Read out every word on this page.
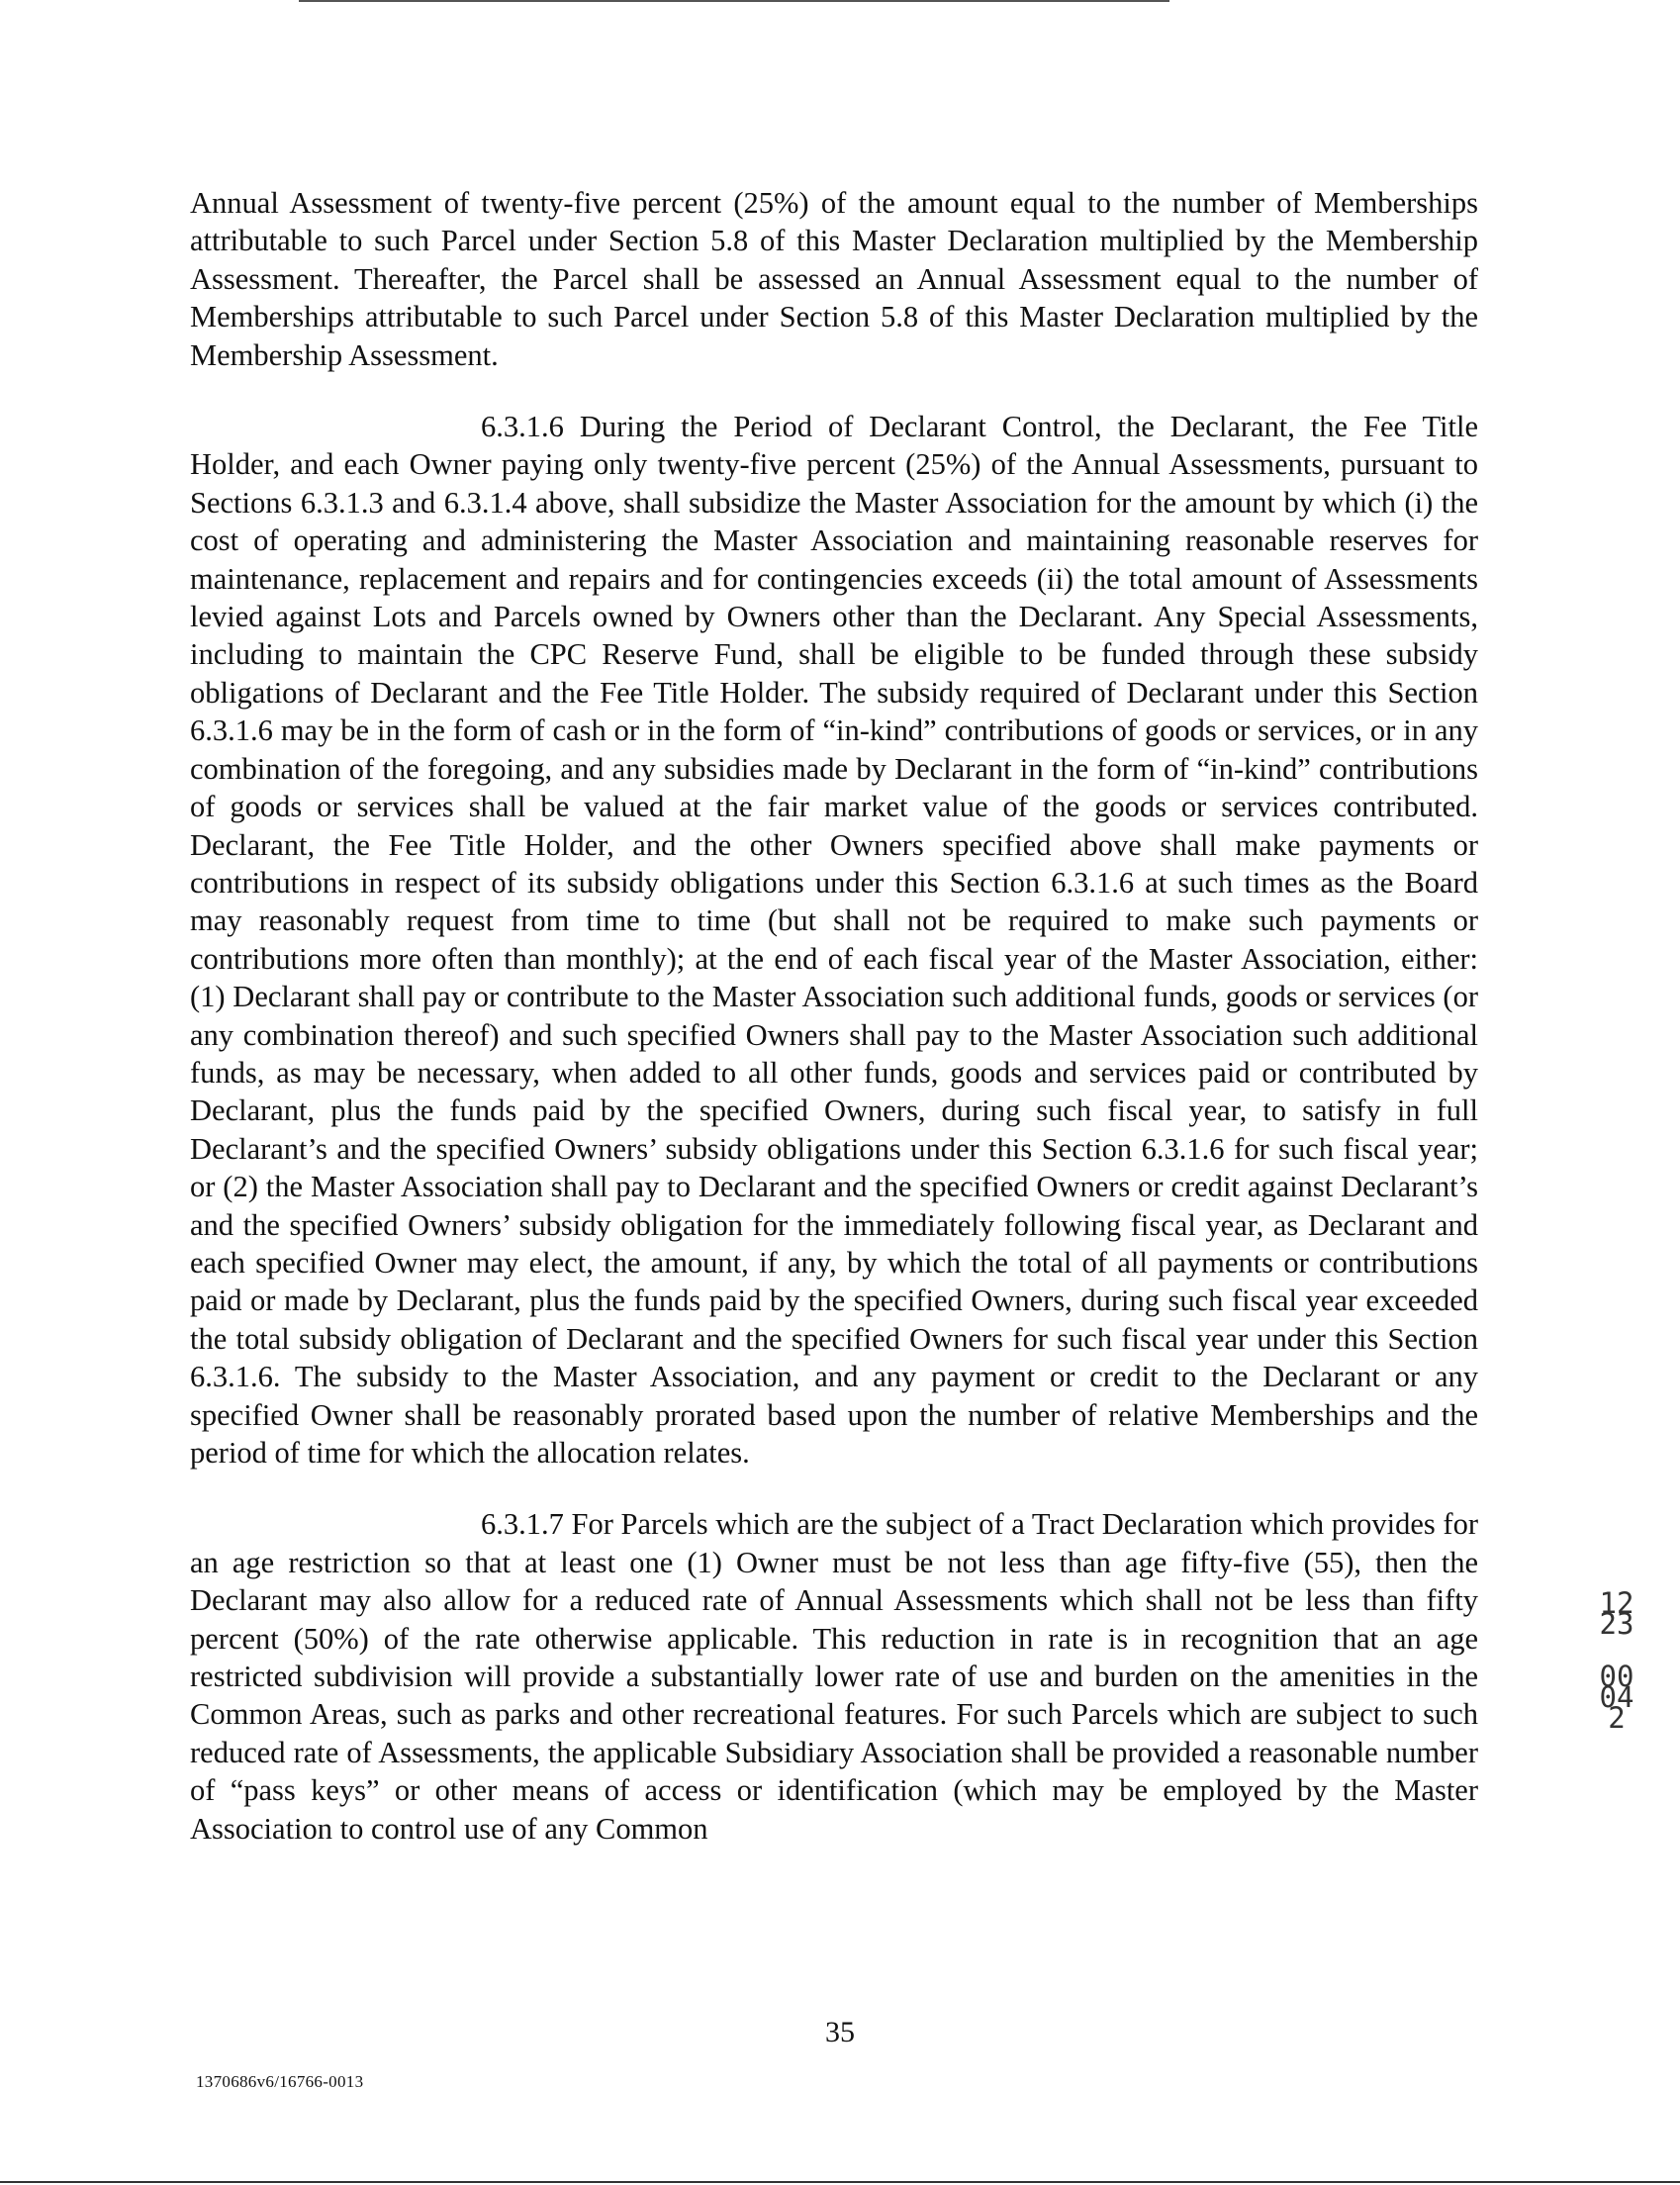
Annual Assessment of twenty-five percent (25%) of the amount equal to the number of Memberships attributable to such Parcel under Section 5.8 of this Master Declaration multiplied by the Membership Assessment. Thereafter, the Parcel shall be assessed an Annual Assessment equal to the number of Memberships attributable to such Parcel under Section 5.8 of this Master Declaration multiplied by the Membership Assessment.

6.3.1.6 During the Period of Declarant Control, the Declarant, the Fee Title Holder, and each Owner paying only twenty-five percent (25%) of the Annual Assessments, pursuant to Sections 6.3.1.3 and 6.3.1.4 above, shall subsidize the Master Association for the amount by which (i) the cost of operating and administering the Master Association and maintaining reasonable reserves for maintenance, replacement and repairs and for contingencies exceeds (ii) the total amount of Assessments levied against Lots and Parcels owned by Owners other than the Declarant. Any Special Assessments, including to maintain the CPC Reserve Fund, shall be eligible to be funded through these subsidy obligations of Declarant and the Fee Title Holder. The subsidy required of Declarant under this Section 6.3.1.6 may be in the form of cash or in the form of “in-kind” contributions of goods or services, or in any combination of the foregoing, and any subsidies made by Declarant in the form of “in-kind” contributions of goods or services shall be valued at the fair market value of the goods or services contributed. Declarant, the Fee Title Holder, and the other Owners specified above shall make payments or contributions in respect of its subsidy obligations under this Section 6.3.1.6 at such times as the Board may reasonably request from time to time (but shall not be required to make such payments or contributions more often than monthly); at the end of each fiscal year of the Master Association, either: (1) Declarant shall pay or contribute to the Master Association such additional funds, goods or services (or any combination thereof) and such specified Owners shall pay to the Master Association such additional funds, as may be necessary, when added to all other funds, goods and services paid or contributed by Declarant, plus the funds paid by the specified Owners, during such fiscal year, to satisfy in full Declarant’s and the specified Owners’ subsidy obligations under this Section 6.3.1.6 for such fiscal year; or (2) the Master Association shall pay to Declarant and the specified Owners or credit against Declarant’s and the specified Owners’ subsidy obligation for the immediately following fiscal year, as Declarant and each specified Owner may elect, the amount, if any, by which the total of all payments or contributions paid or made by Declarant, plus the funds paid by the specified Owners, during such fiscal year exceeded the total subsidy obligation of Declarant and the specified Owners for such fiscal year under this Section 6.3.1.6. The subsidy to the Master Association, and any payment or credit to the Declarant or any specified Owner shall be reasonably prorated based upon the number of relative Memberships and the period of time for which the allocation relates.

6.3.1.7 For Parcels which are the subject of a Tract Declaration which provides for an age restriction so that at least one (1) Owner must be not less than age fifty-five (55), then the Declarant may also allow for a reduced rate of Annual Assessments which shall not be less than fifty percent (50%) of the rate otherwise applicable. This reduction in rate is in recognition that an age restricted subdivision will provide a substantially lower rate of use and burden on the amenities in the Common Areas, such as parks and other recreational features. For such Parcels which are subject to such reduced rate of Assessments, the applicable Subsidiary Association shall be provided a reasonable number of “pass keys” or other means of access or identification (which may be employed by the Master Association to control use of any Common

1223
00042
35
1370686v6/16766-0013
